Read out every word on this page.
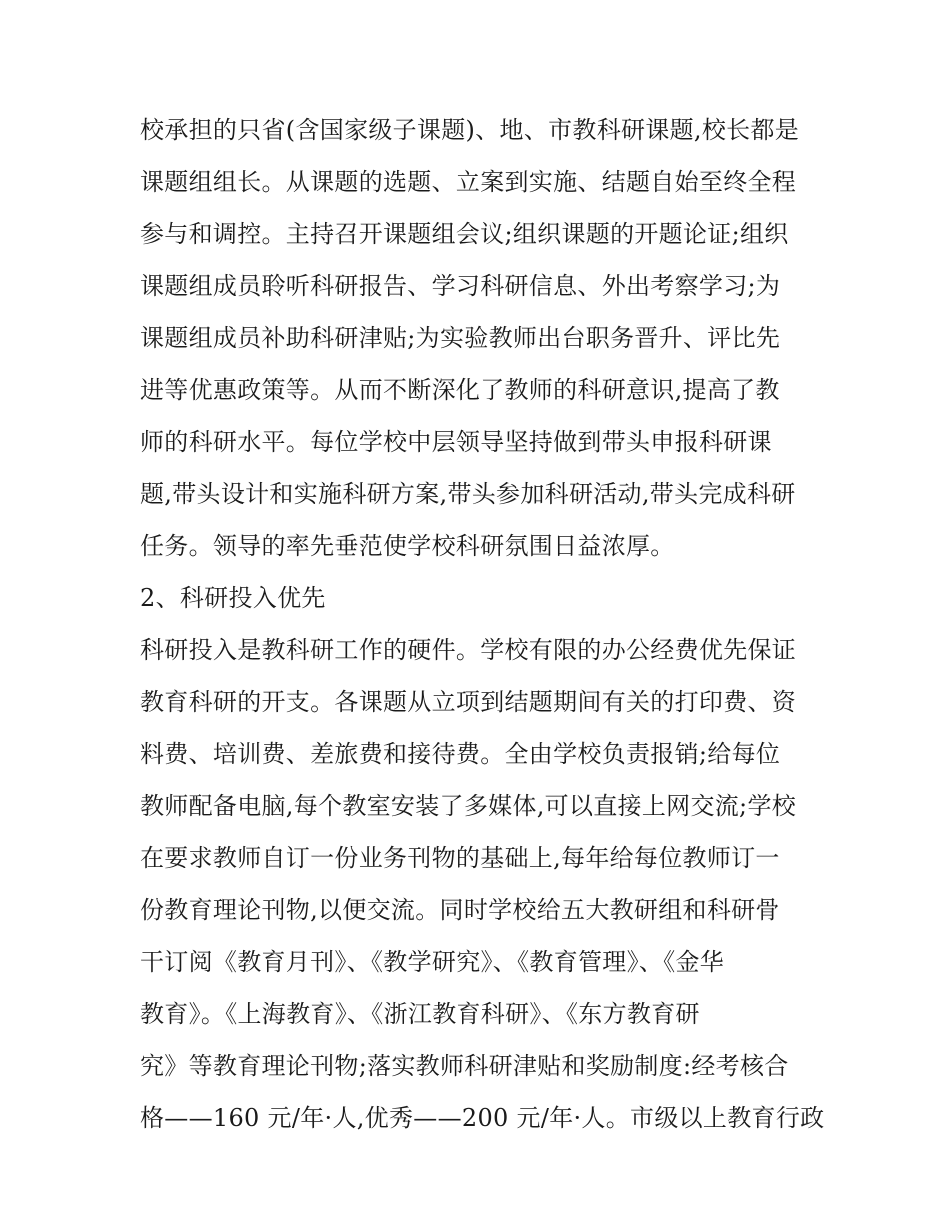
校承担的只省(含国家级子课题)、地、市教科研课题,校长都是
课题组组长。从课题的选题、立案到实施、结题自始至终全程
参与和调控。主持召开课题组会议;组织课题的开题论证;组织
课题组成员聆听科研报告、学习科研信息、外出考察学习;为
课题组成员补助科研津贴;为实验教师出台职务晋升、评比先
进等优惠政策等。从而不断深化了教师的科研意识,提高了教
师的科研水平。每位学校中层领导坚持做到带头申报科研课
题,带头设计和实施科研方案,带头参加科研活动,带头完成科研
任务。领导的率先垂范使学校科研氛围日益浓厚。
2、科研投入优先
科研投入是教科研工作的硬件。学校有限的办公经费优先保证
教育科研的开支。各课题从立项到结题期间有关的打印费、资
料费、培训费、差旅费和接待费。全由学校负责报销;给每位
教师配备电脑,每个教室安装了多媒体,可以直接上网交流;学校
在要求教师自订一份业务刊物的基础上,每年给每位教师订一
份教育理论刊物,以便交流。同时学校给五大教研组和科研骨
干订阅《教育月刊》、《教学研究》、《教育管理》、《金华
教育》。《上海教育》、《浙江教育科研》、《东方教育研
究》等教育理论刊物;落实教师科研津贴和奖励制度:经考核合
格——160 元/年·人,优秀——200 元/年·人。市级以上教育行政
